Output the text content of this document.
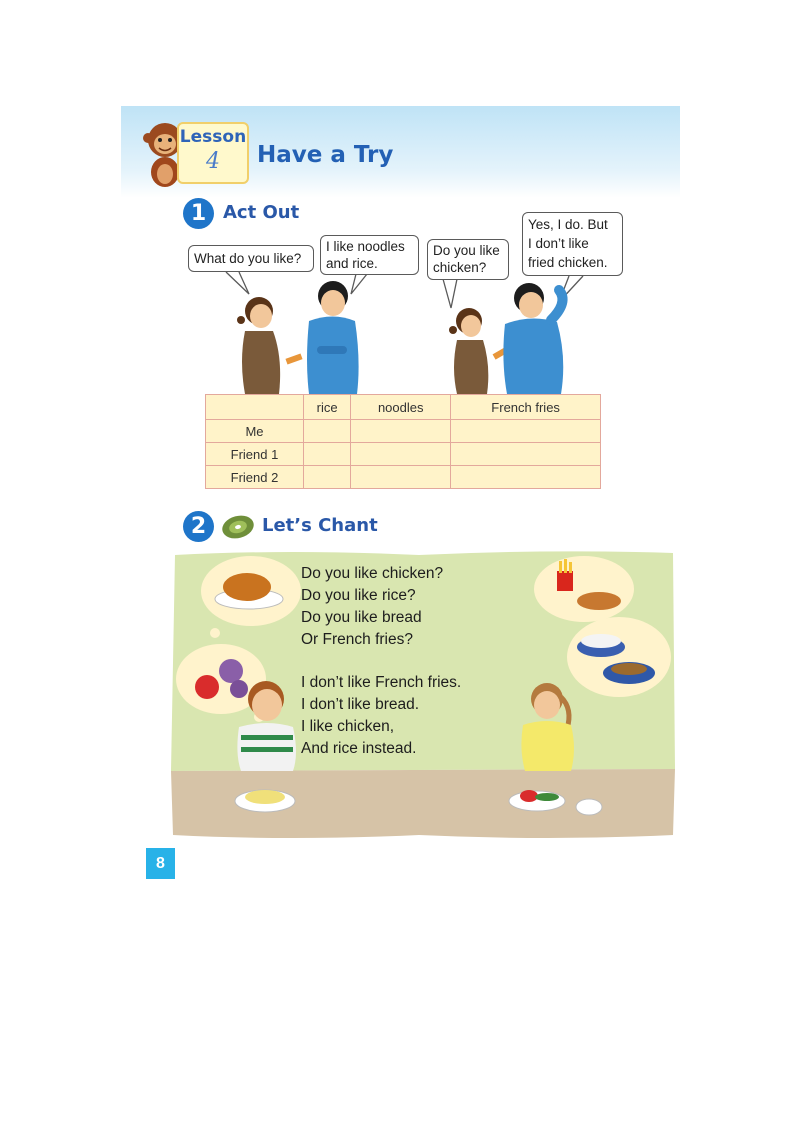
Lesson
4	Have a Try
1 Act Out
What do you like?
I like noodles
and rice.
Do you like
chicken?
Yes, I do. But
I don’t like
fried chicken.
	rice	noodles	French fries
Me			
Friend 1			
Friend 2			
2	Let’s Chant
Do you like chicken?
Do you like rice?
Do you like bread
Or French fries?
I don’t like French fries.
I don’t like bread.
I like chicken,
And rice instead.
8
